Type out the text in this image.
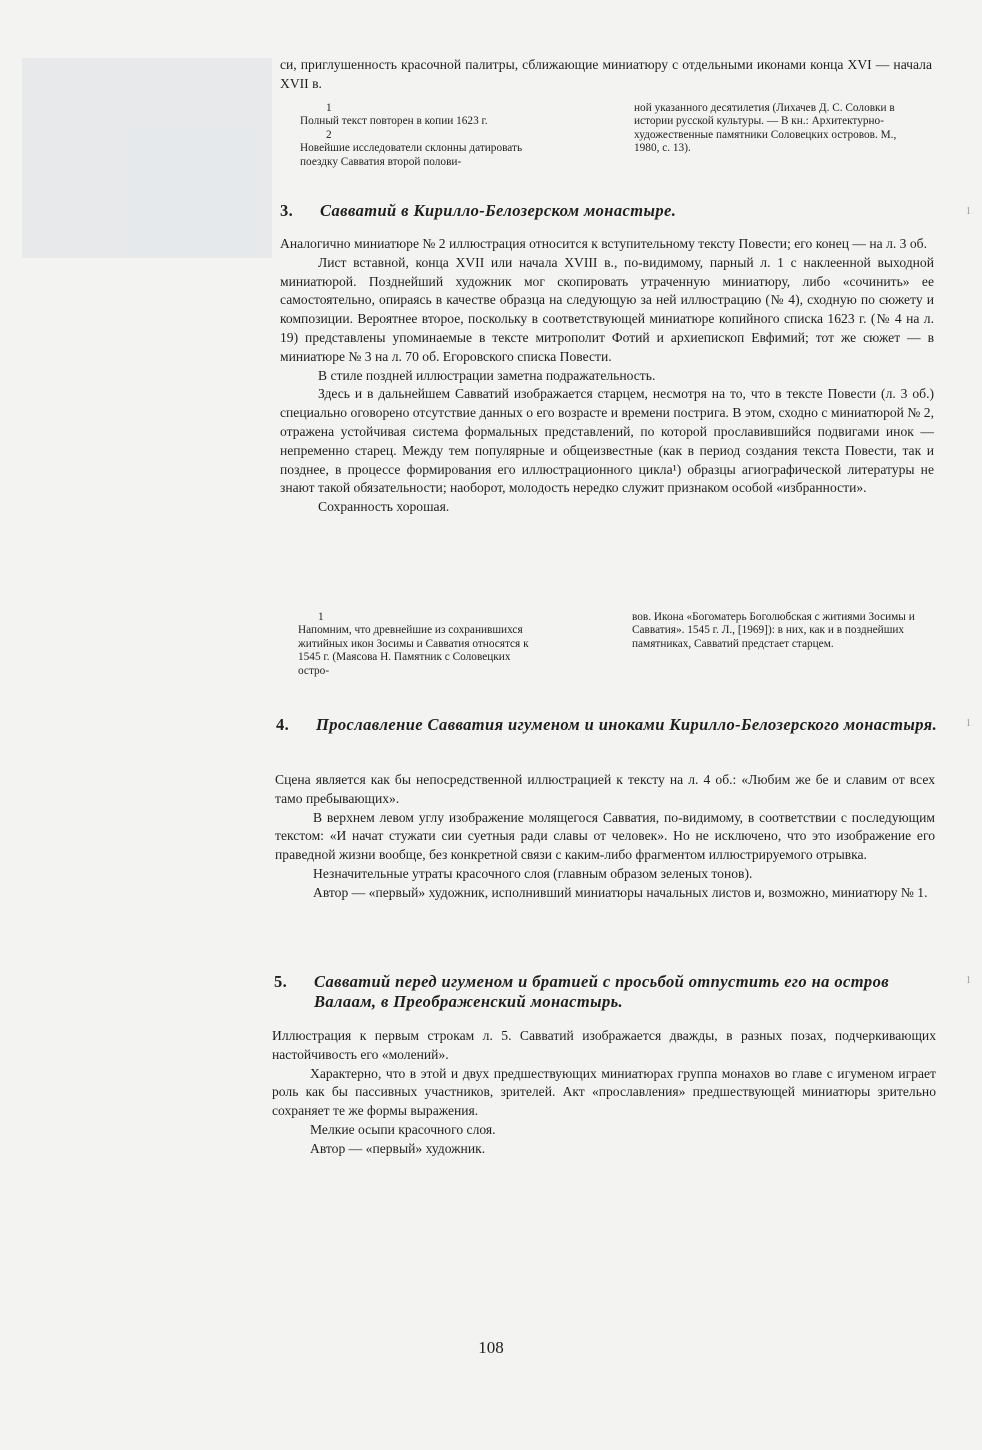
си, приглушенность красочной палитры, сближающие миниатюру с отдельными иконами конца XVI — начала XVII в.

1
Полный текст повторен в копии 1623 г.

2
Новейшие исследователи склонны датировать поездку Савватия второй полови-

ной указанного десятилетия (Лихачев Д. С. Соловки в истории русской культуры. — В кн.: Архитектурно-художественные памятники Соловецких островов. М., 1980, с. 13).

3.	Савватий в Кирилло-Белозерском монастыре.	1

Аналогично миниатюре № 2 иллюстрация относится к вступительному тексту Повести; его конец — на л. 3 об.

Лист вставной, конца XVII или начала XVIII в., по-видимому, парный л. 1 с наклеенной выходной миниатюрой. Позднейший художник мог скопировать утраченную миниатюру, либо «сочинить» ее самостоятельно, опираясь в качестве образца на следующую за ней иллюстрацию (№ 4), сходную по сюжету и композиции. Вероятнее второе, поскольку в соответствующей миниатюре копийного списка 1623 г. (№ 4 на л. 19) представлены упоминаемые в тексте митрополит Фотий и архиепископ Евфимий; тот же сюжет — в миниатюре № 3 на л. 70 об. Егоровского списка Повести.

В стиле поздней иллюстрации заметна подражательность.

Здесь и в дальнейшем Савватий изображается старцем, несмотря на то, что в тексте Повести (л. 3 об.) специально оговорено отсутствие данных о его возрасте и времени пострига. В этом, сходно с миниатюрой № 2, отражена устойчивая система формальных представлений, по которой прославившийся подвигами инок — непременно старец. Между тем популярные и общеизвестные (как в период создания текста Повести, так и позднее, в процессе формирования его иллюстрационного цикла¹) образцы агиографической литературы не знают такой обязательности; наоборот, молодость нередко служит признаком особой «избранности».

Сохранность хорошая.

1
Напомним, что древнейшие из сохранившихся житийных икон Зосимы и Савватия относятся к 1545 г. (Маясова Н. Памятник с Соловецких остро-

вов. Икона «Богоматерь Боголюбская с житиями Зосимы и Савватия». 1545 г. Л., [1969]): в них, как и в позднейших памятниках, Савватий предстает старцем.

4.	Прославление Савватия игуменом и иноками Кирилло-Белозерского монастыря.	1

Сцена является как бы непосредственной иллюстрацией к тексту на л. 4 об.: «Любим же бе и славим от всех тамо пребывающих».

В верхнем левом углу изображение молящегося Савватия, по-видимому, в соответствии с последующим текстом: «И начат стужати сии суетныя ради славы от человек». Но не исключено, что это изображение его праведной жизни вообще, без конкретной связи с каким-либо фрагментом иллюстрируемого отрывка.

Незначительные утраты красочного слоя (главным образом зеленых тонов).

Автор — «первый» художник, исполнивший миниатюры начальных листов и, возможно, миниатюру № 1.

5.	Савватий перед игуменом и братией с просьбой отпустить его на остров Валаам, в Преображенский монастырь.
1

Иллюстрация к первым строкам л. 5. Савватий изображается дважды, в разных позах, подчеркивающих настойчивость его «молений».

Характерно, что в этой и двух предшествующих миниатюрах группа монахов во главе с игуменом играет роль как бы пассивных участников, зрителей. Акт «прославления» предшествующей миниатюры зрительно сохраняет те же формы выражения.

Мелкие осыпи красочного слоя.

Автор — «первый» художник.

108
